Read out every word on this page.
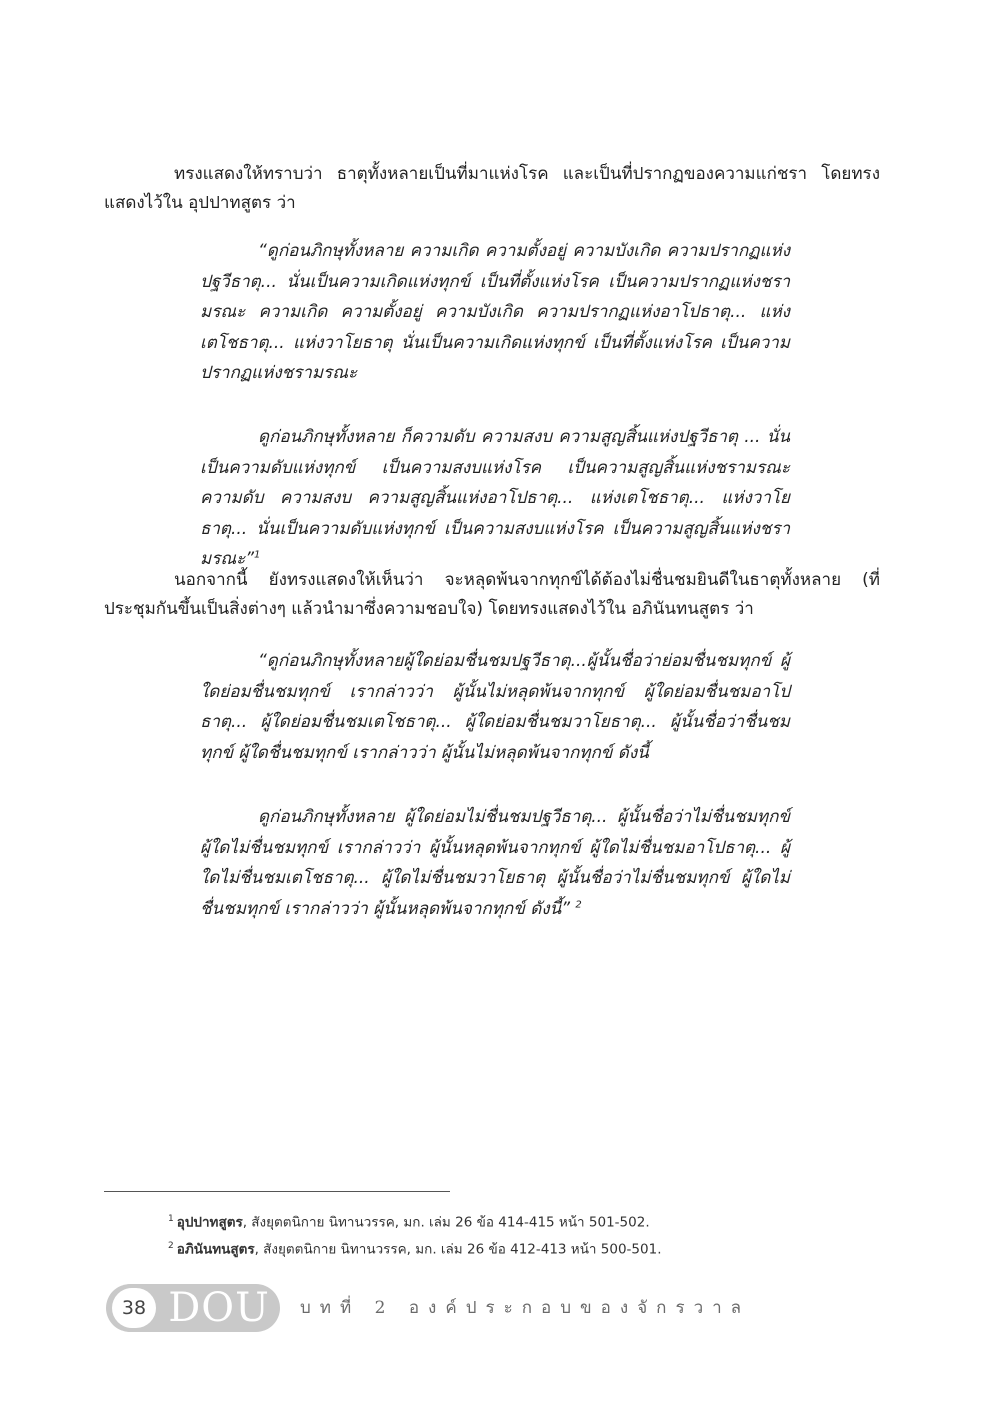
ทรงแสดงให้ทราบว่า ธาตุทั้งหลายเป็นที่มาแห่งโรค และเป็นที่ปรากฏของความแก่ชรา โดยทรงแสดงไว้ใน อุปปาทสูตร ว่า

“ดูก่อนภิกษุทั้งหลาย ความเกิด ความตั้งอยู่ ความบังเกิด ความปรากฏแห่งปฐวีธาตุ... นั่นเป็นความเกิดแห่งทุกข์ เป็นที่ตั้งแห่งโรค เป็นความปรากฏแห่งชรามรณะ ความเกิด ความตั้งอยู่ ความบังเกิด ความปรากฏแห่งอาโปธาตุ... แห่งเตโชธาตุ... แห่งวาโยธาตุ นั่นเป็นความเกิดแห่งทุกข์ เป็นที่ตั้งแห่งโรค เป็นความปรากฏแห่งชรามรณะ

ดูก่อนภิกษุทั้งหลาย ก็ความดับ ความสงบ ความสูญสิ้นแห่งปฐวีธาตุ ... นั่นเป็นความดับแห่งทุกข์ เป็นความสงบแห่งโรค เป็นความสูญสิ้นแห่งชรามรณะ ความดับ ความสงบ ความสูญสิ้นแห่งอาโปธาตุ... แห่งเตโชธาตุ... แห่งวาโยธาตุ... นั่นเป็นความดับแห่งทุกข์ เป็นความสงบแห่งโรค เป็นความสูญสิ้นแห่งชรามรณะ”$^1$

นอกจากนี้ ยังทรงแสดงให้เห็นว่า จะหลุดพ้นจากทุกข์ได้ต้องไม่ชื่นชมยินดีในธาตุทั้งหลาย (ที่ประชุมกันขึ้นเป็นสิ่งต่างๆ แล้วนำมาซึ่งความชอบใจ) โดยทรงแสดงไว้ใน อภินันทนสูตร ว่า

“ดูก่อนภิกษุทั้งหลายผู้ใดย่อมชื่นชมปฐวีธาตุ...ผู้นั้นชื่อว่าย่อมชื่นชมทุกข์ ผู้ใดย่อมชื่นชมทุกข์ เรากล่าวว่า ผู้นั้นไม่หลุดพ้นจากทุกข์ ผู้ใดย่อมชื่นชมอาโปธาตุ... ผู้ใดย่อมชื่นชมเตโชธาตุ... ผู้ใดย่อมชื่นชมวาโยธาตุ... ผู้นั้นชื่อว่าชื่นชมทุกข์ ผู้ใดชื่นชมทุกข์ เรากล่าวว่า ผู้นั้นไม่หลุดพ้นจากทุกข์ ดังนี้

ดูก่อนภิกษุทั้งหลาย ผู้ใดย่อมไม่ชื่นชมปฐวีธาตุ... ผู้นั้นชื่อว่าไม่ชื่นชมทุกข์ ผู้ใดไม่ชื่นชมทุกข์ เรากล่าวว่า ผู้นั้นหลุดพ้นจากทุกข์ ผู้ใดไม่ชื่นชมอาโปธาตุ... ผู้ใดไม่ชื่นชมเตโชธาตุ... ผู้ใดไม่ชื่นชมวาโยธาตุ ผู้นั้นชื่อว่าไม่ชื่นชมทุกข์ ผู้ใดไม่ชื่นชมทุกข์ เรากล่าวว่า ผู้นั้นหลุดพ้นจากทุกข์ ดังนี้” $^2$

$^1$ อุปปาทสูตร, สังยุตตนิกาย นิทานวรรค, มก. เล่ม 26 ข้อ 414-415 หน้า 501-502.
$^2$ อภินันทนสูตร, สังยุตตนิกาย นิทานวรรค, มก. เล่ม 26 ข้อ 412-413 หน้า 500-501.
38 DOU	บทที่ 2 องค์ประกอบของจักรวาล
